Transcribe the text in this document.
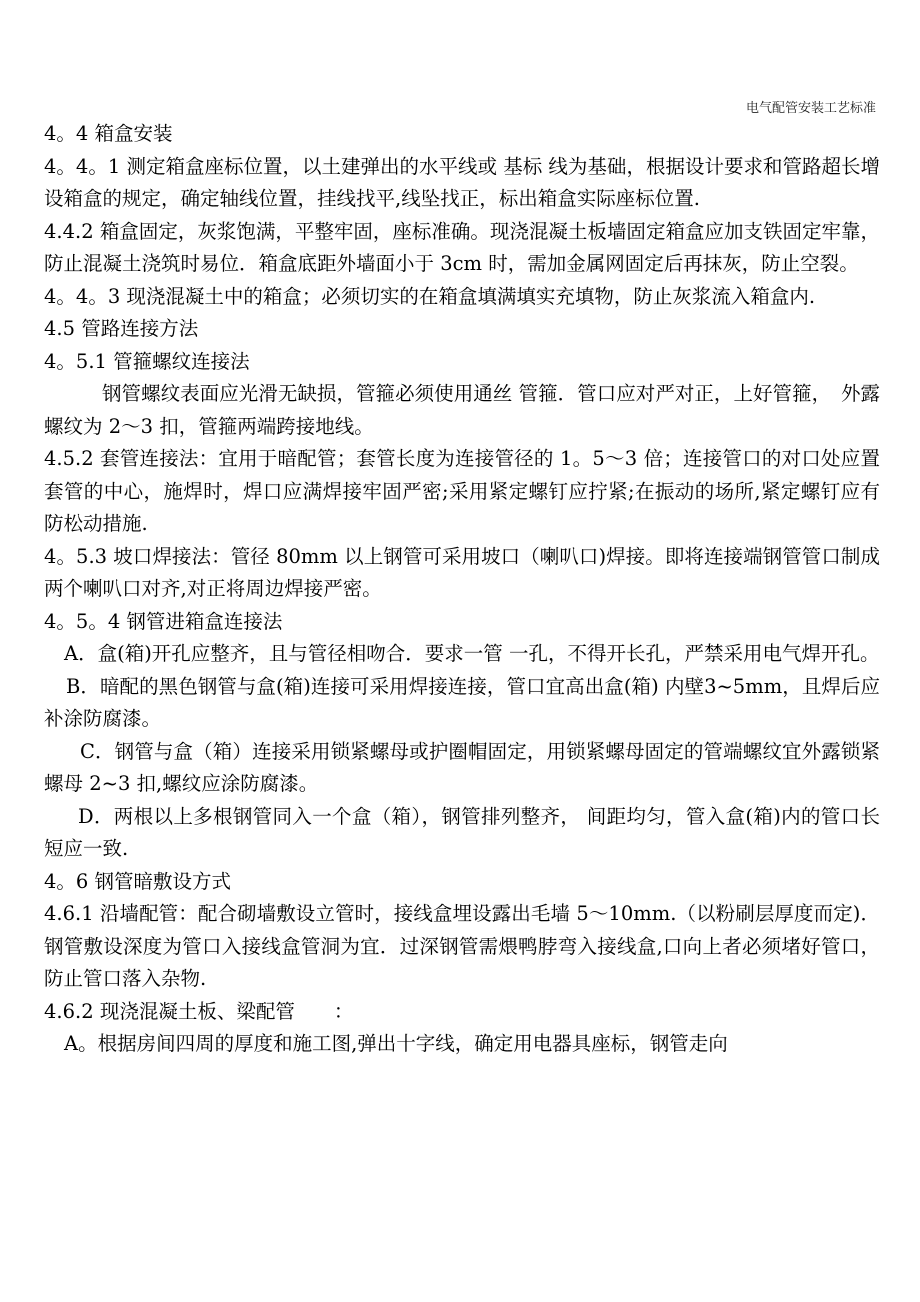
电气配管安装工艺标准

4。4 箱盒安装

4。4。1 测定箱盒座标位置，以土建弹出的水平线或 基标 线为基础，根据设计要求和管路超长增设箱盒的规定，确定轴线位置，挂线找平,线坠找正，标出箱盒实际座标位置.

4.4.2 箱盒固定，灰浆饱满，平整牢固，座标准确。现浇混凝土板墙固定箱盒应加支铁固定牢靠，防止混凝土浇筑时易位．箱盒底距外墙面小于 3cm 时，需加金属网固定后再抹灰，防止空裂。

4。4。3 现浇混凝土中的箱盒；必须切实的在箱盒填满填实充填物，防止灰浆流入箱盒内.

4.5 管路连接方法

4。5.1 管箍螺纹连接法

钢管螺纹表面应光滑无缺损，管箍必须使用通丝 管箍．管口应对严对正，上好管箍，　外露螺纹为 2～3 扣，管箍两端跨接地线。

4.5.2 套管连接法：宜用于暗配管；套管长度为连接管径的 1。5～3 倍；连接管口的对口处应置套管的中心，施焊时，焊口应满焊接牢固严密;采用紧定螺钉应拧紧;在振动的场所,紧定螺钉应有防松动措施.

4。5.3 坡口焊接法：管径 80mm 以上钢管可采用坡口（喇叭口)焊接。即将连接端钢管管口制成两个喇叭口对齐,对正将周边焊接严密。

4。5。4 钢管进箱盒连接法

A．盒(箱)开孔应整齐，且与管径相吻合．要求一管 一孔，不得开长孔，严禁采用电气焊开孔。

B．暗配的黑色钢管与盒(箱)连接可采用焊接连接，管口宜高出盒(箱) 内壁3~5mm，且焊后应补涂防腐漆。

C．钢管与盒（箱）连接采用锁紧螺母或护圈帽固定，用锁紧螺母固定的管端螺纹宜外露锁紧螺母 2~3 扣,螺纹应涂防腐漆。

D．两根以上多根钢管同入一个盒（箱），钢管排列整齐， 间距均匀，管入盒(箱)内的管口长短应一致.

4。6 钢管暗敷设方式

4.6.1 沿墙配管：配合砌墙敷设立管时，接线盒埋设露出毛墙 5～10mm.（以粉刷层厚度而定)．钢管敷设深度为管口入接线盒管洞为宜．过深钢管需煨鸭脖弯入接线盒,口向上者必须堵好管口，防止管口落入杂物.

4.6.2 现浇混凝土板、梁配管　　：

A。根据房间四周的厚度和施工图,弹出十字线，确定用电器具座标，钢管走向
